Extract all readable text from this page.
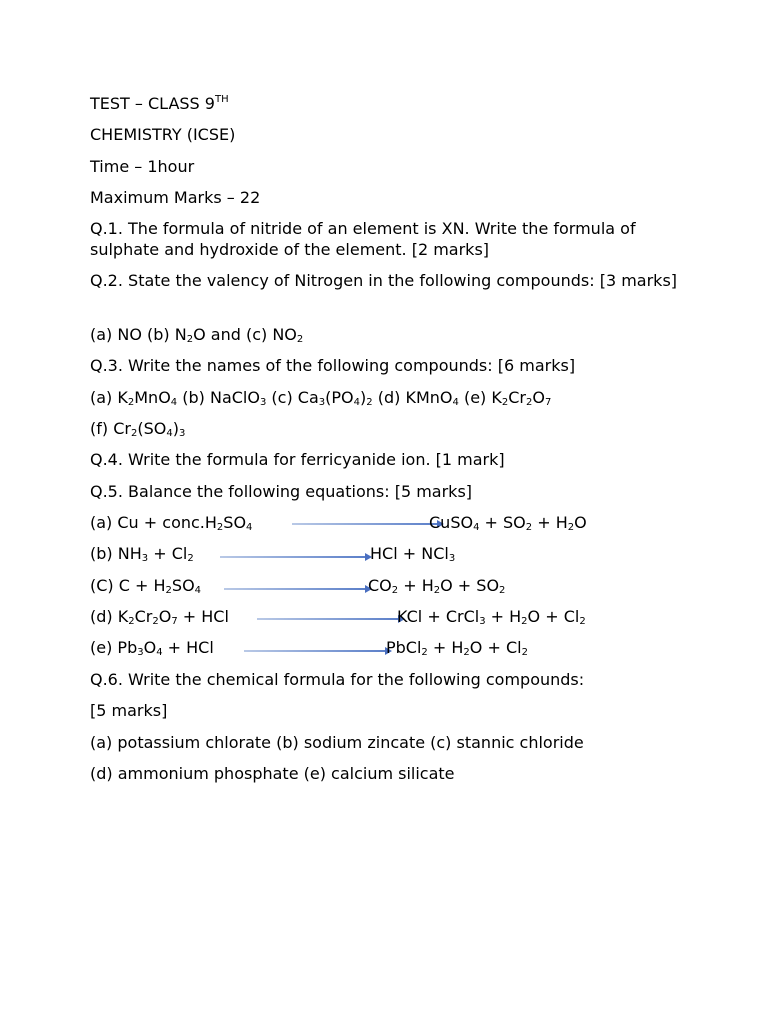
TEST – CLASS 9TH
CHEMISTRY (ICSE)
Time – 1hour
Maximum Marks – 22
Q.1. The formula of nitride of an element is XN. Write the formula of sulphate and hydroxide of the element. [2 marks]
Q.2. State the valency of Nitrogen in the following compounds: [3 marks]
(a) NO (b) $N_2O$ and (c) $NO_2$
Q.3. Write the names of the following compounds: [6 marks]
(a) $K_2MnO_4$ (b) NaClO$_3$ (c) $Ca_3(PO_4)_2$ (d) KMnO$_4$ (e) $K_2Cr_2O_7$
(f) $Cr_2(SO_4)_3$
Q.4. Write the formula for ferricyanide ion. [1 mark]
Q.5. Balance the following equations: [5 marks]
(a) $Cu + conc.H_2SO_4$	CuSO$_4$ + $SO_2 + H_2O$
(b) $NH_3 + Cl_2$	HCl + NCl$_3$
(C) $C + H_2SO_4$	$CO_2 + H_2O + SO_2$
(d) $K_2Cr_2O_7$ + HCl	KCl + CrCl$_3$ + $H_2O + Cl_2$
(e) $Pb_3O_4$ + HCl	PbCl$_2$ + $H_2O + Cl_2$
Q.6. Write the chemical formula for the following compounds:
[5 marks]
(a) potassium chlorate (b) sodium zincate (c) stannic chloride
(d) ammonium phosphate (e) calcium silicate
